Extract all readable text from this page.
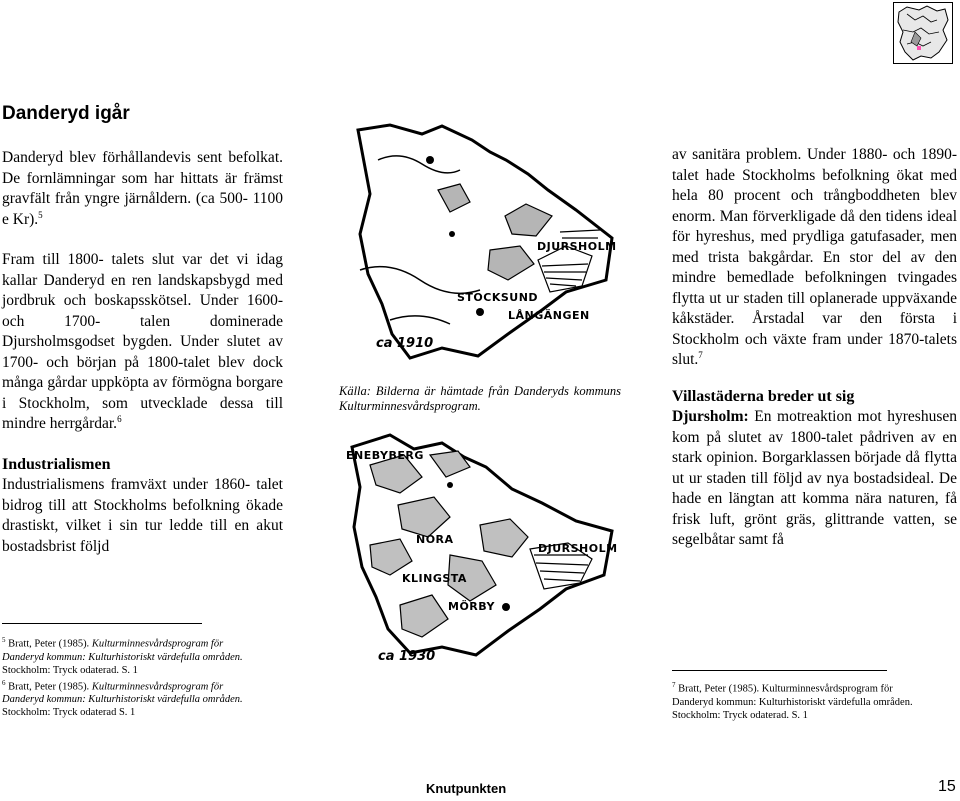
Danderyd igår

Danderyd blev förhållandevis sent befolkat. De fornlämningar som har hittats är främst gravfält från yngre järnåldern. (ca 500- 1100 e Kr).$^5$

Fram till 1800- talets slut var det vi idag kallar Danderyd en ren landskapsbygd med jordbruk och boskapsskötsel. Under 1600- och 1700- talen dominerade Djursholmsgodset bygden. Under slutet av 1700- och början på 1800-talet blev dock många gårdar uppköpta av förmögna borgare i Stockholm, som utvecklade dessa till mindre herrgårdar.$^6$

Industrialismen

Industrialismens framväxt under 1860- talet bidrog till att Stockholms befolkning ökade drastiskt, vilket i sin tur ledde till en akut bostadsbrist följd

DJURSHOLM
STOCKSUND
LÅNGÄNGEN
ca 1910
Källa: Bilderna är hämtade från Danderyds kommuns Kulturminnesvårdsprogram.
ENEBYBERG
NORA
DJURSHOLM
KLINGSTA
MÖRBY
ca 1930

av sanitära problem. Under 1880- och 1890-talet hade Stockholms befolkning ökat med hela 80 procent och trångboddheten blev enorm. Man förverkligade då den tidens ideal för hyreshus, med prydliga gatufasader, men med trista bakgårdar. En stor del av den mindre bemedlade befolkningen tvingades flytta ut ur staden till oplanerade uppväxande kåkstäder. Årstadal var den första i Stockholm och växte fram under 1870-talets slut.$^7$

Villastäderna breder ut sig

Djursholm: En motreaktion mot hyreshusen kom på slutet av 1800-talet pådriven av en stark opinion. Borgarklassen började då flytta ut ur staden till följd av nya bostadsideal. De hade en längtan att komma nära naturen, få frisk luft, grönt gräs, glittrande vatten, se segelbåtar samt få

$^5$ Bratt, Peter (1985). Kulturminnesvårdsprogram för

Danderyd kommun: Kulturhistoriskt värdefulla områden.

Stockholm: Tryck odaterad. S. 1

$^6$ Bratt, Peter (1985). Kulturminnesvårdsprogram för

Danderyd kommun: Kulturhistoriskt värdefulla områden.

Stockholm: Tryck odaterad S. 1

$^7$ Bratt, Peter (1985). Kulturminnesvårdsprogram för

Danderyd kommun: Kulturhistoriskt värdefulla områden.

Stockholm: Tryck odaterad. S. 1

Knutpunkten	15
